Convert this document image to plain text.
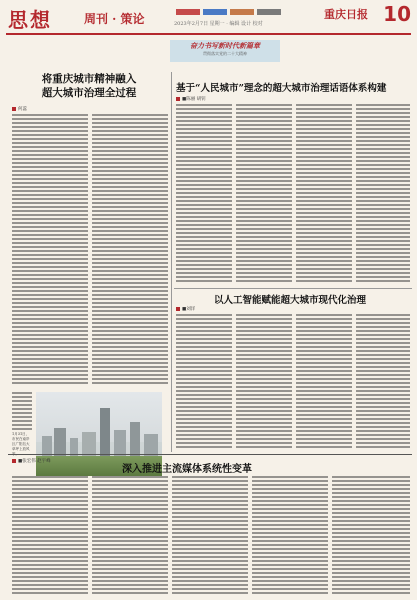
思想	周刊 · 策论	2023年2月7日 星期一 · 编辑 设计 校对
重庆日报 10
奋力书写新时代新篇章
贯彻落实党的二十大精神
将重庆城市精神融入
超大城市治理全过程
何蕊
1月31日，市民在南岸区广阳岛大草坪上放风
基于“人民城市”理念的超大城市治理话语体系构建
■陈丽 胡钊
以人工智能赋能超大城市现代化治理
■刘洋
■张宏伟 赵宇峰
深入推进主流媒体系统性变革
